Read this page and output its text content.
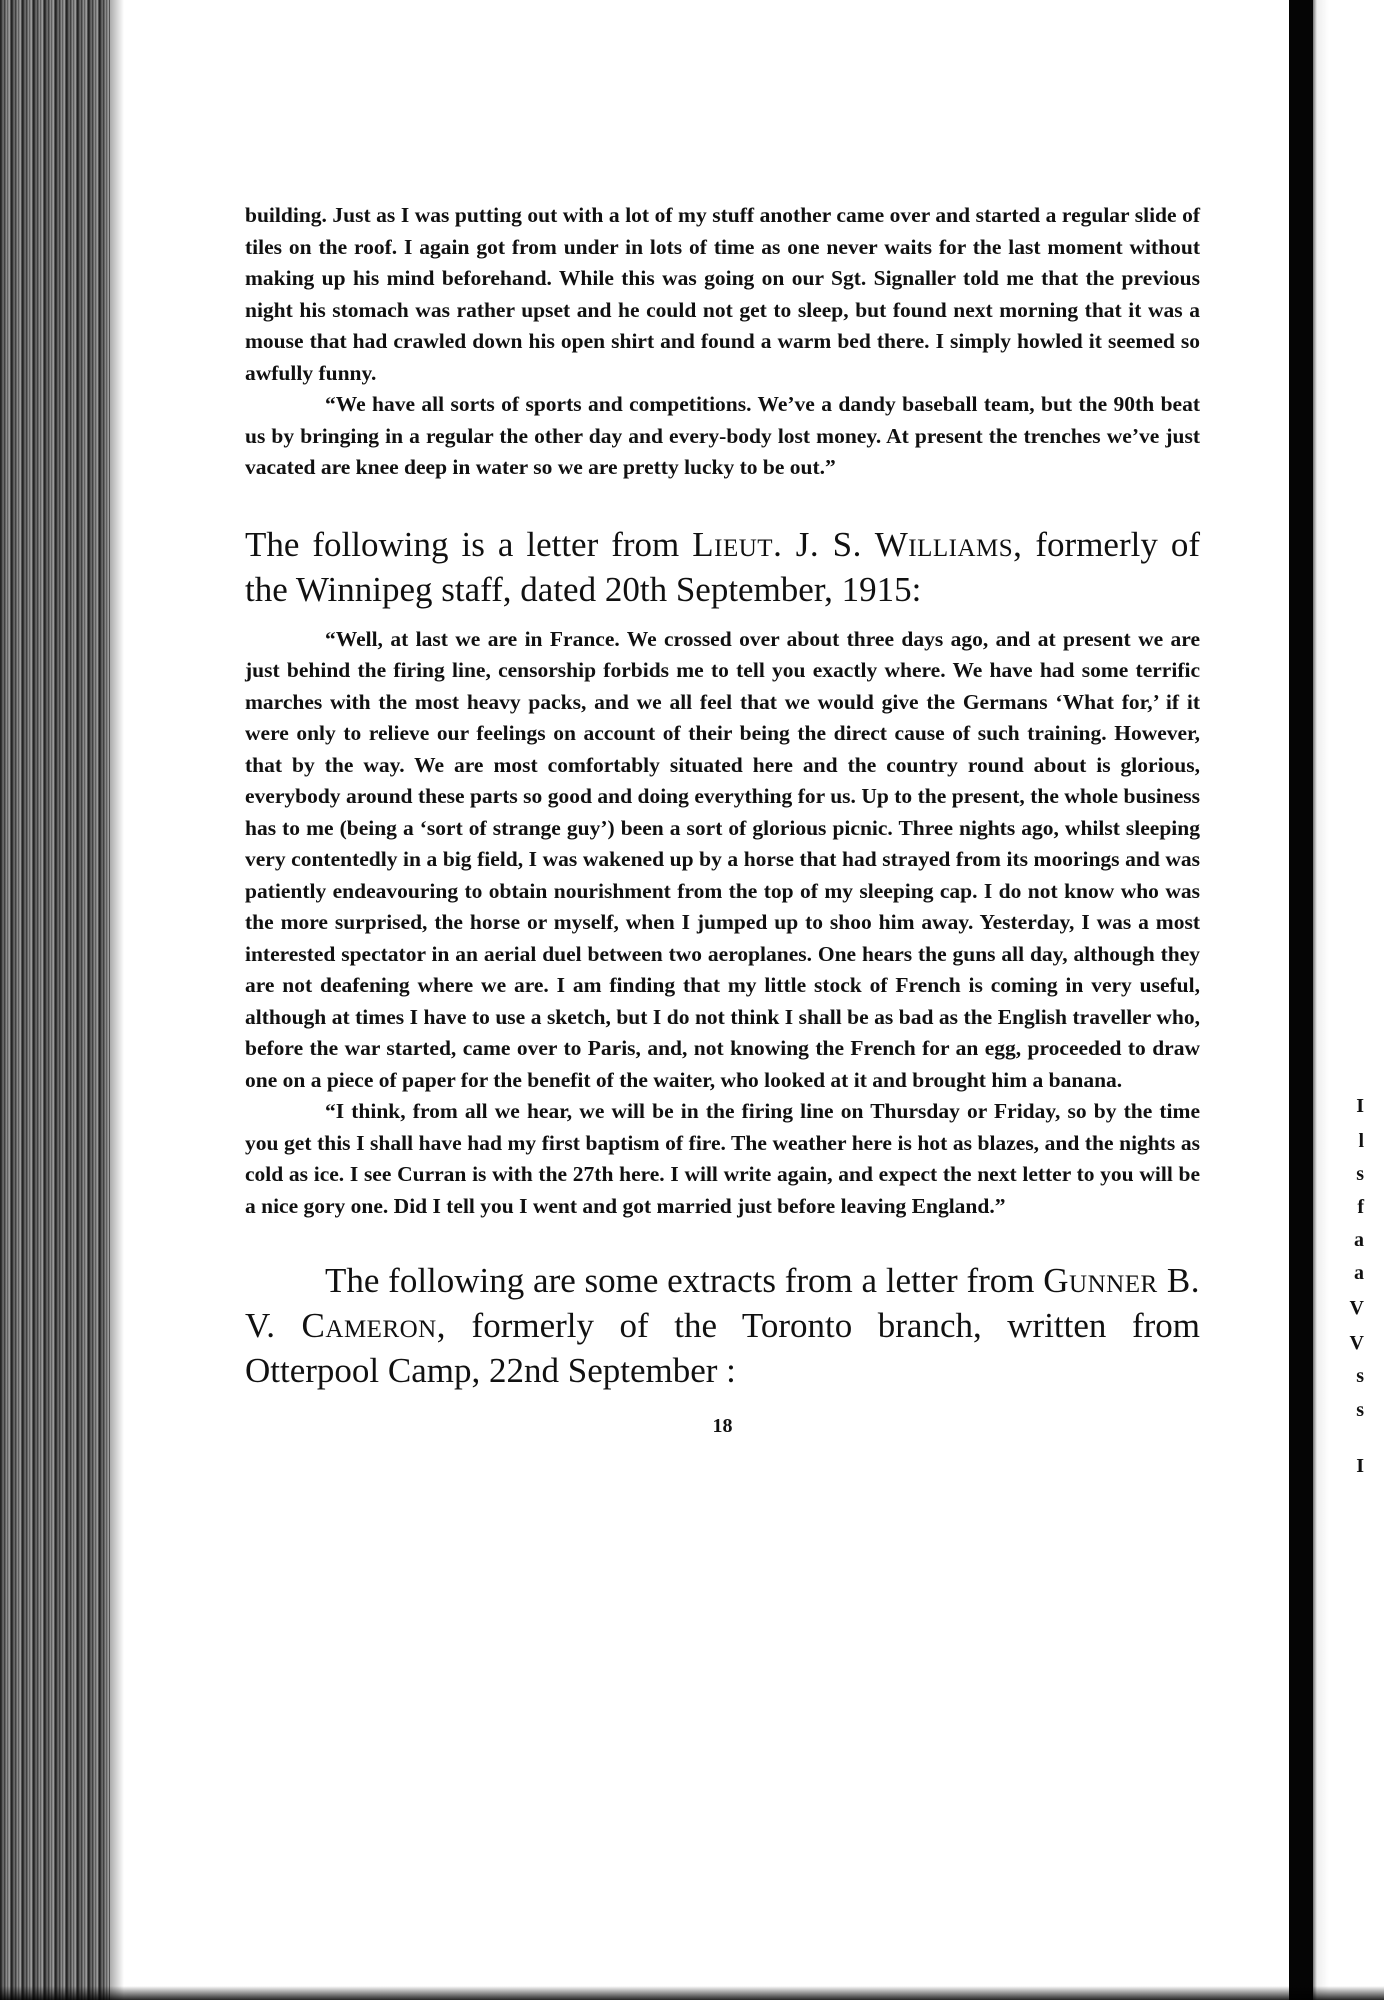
I
l
s
f
a
a
V
V
s
s
I

building. Just as I was putting out with a lot of my stuff another came over and started a regular slide of tiles on the roof. I again got from under in lots of time as one never waits for the last moment without making up his mind beforehand. While this was going on our Sgt. Signaller told me that the previous night his stomach was rather upset and he could not get to sleep, but found next morning that it was a mouse that had crawled down his open shirt and found a warm bed there. I simply howled it seemed so awfully funny.

“We have all sorts of sports and competitions. We’ve a dandy baseball team, but the 90th beat us by bringing in a regular the other day and every-body lost money. At present the trenches we’ve just vacated are knee deep in water so we are pretty lucky to be out.”

The following is a letter from Lieut. J. S. Williams, formerly of the Winnipeg staff, dated 20th September, 1915:

“Well, at last we are in France. We crossed over about three days ago, and at present we are just behind the firing line, censorship forbids me to tell you exactly where. We have had some terrific marches with the most heavy packs, and we all feel that we would give the Germans ‘What for,’ if it were only to relieve our feelings on account of their being the direct cause of such training. However, that by the way. We are most comfortably situated here and the country round about is glorious, everybody around these parts so good and doing everything for us. Up to the present, the whole business has to me (being a ‘sort of strange guy’) been a sort of glorious picnic. Three nights ago, whilst sleeping very contentedly in a big field, I was wakened up by a horse that had strayed from its moorings and was patiently endeavouring to obtain nourishment from the top of my sleeping cap. I do not know who was the more surprised, the horse or myself, when I jumped up to shoo him away. Yesterday, I was a most interested spectator in an aerial duel between two aeroplanes. One hears the guns all day, although they are not deafening where we are. I am finding that my little stock of French is coming in very useful, although at times I have to use a sketch, but I do not think I shall be as bad as the English traveller who, before the war started, came over to Paris, and, not knowing the French for an egg, proceeded to draw one on a piece of paper for the benefit of the waiter, who looked at it and brought him a banana.

“I think, from all we hear, we will be in the firing line on Thursday or Friday, so by the time you get this I shall have had my first baptism of fire. The weather here is hot as blazes, and the nights as cold as ice. I see Curran is with the 27th here. I will write again, and expect the next letter to you will be a nice gory one. Did I tell you I went and got married just before leaving England.”

The following are some extracts from a letter from Gunner B. V. Cameron, formerly of the Toronto branch, written from Otterpool Camp, 22nd September :

18
